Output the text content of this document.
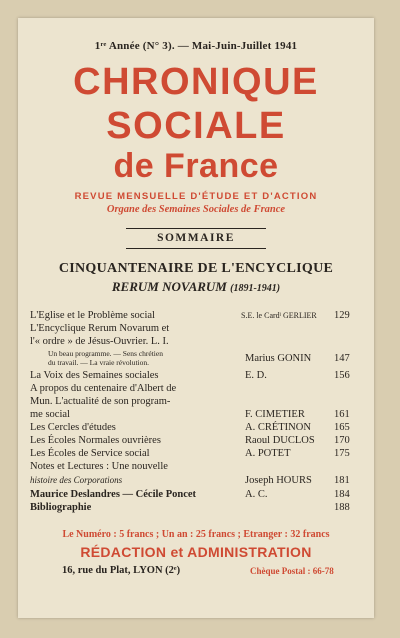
1ʳᵉ Année (N° 3). — Mai-Juin-Juillet 1941
CHRONIQUE
SOCIALE
de France
REVUE MENSUELLE D'ÉTUDE ET D'ACTION
Organe des Semaines Sociales de France
SOMMAIRE
CINQUANTENAIRE DE L'ENCYCLIQUE
RERUM NOVARUM (1891-1941)
L'Eglise et le Problème social	S.E. le Cardˡ GERLIER 129
L'Encyclique Rerum Novarum et
l'« ordre » de Jésus-Ouvrier. L. I.
Un beau programme. — Sens chrétien
du travail. — La vraie révolution.	Marius GONIN 147
La Voix des Semaines sociales	E. D.	156
A propos du centenaire d'Albert de
Mun. L'actualité de son program-
me social	F. CIMETIER	161
Les Cercles d'études	A. CRÉTINON 165
Les Écoles Normales ouvrières	Raoul DUCLOS 170
Les Écoles de Service social	A. POTET	175
Notes et Lectures : Une nouvelle
histoire des Corporations	Joseph HOURS 181
Maurice Deslandres — Cécile Poncet	A. C.	184
Bibliographie	188
Le Numéro : 5 francs ; Un an : 25 francs ; Etranger : 32 francs
RÉDACTION et ADMINISTRATION
16, rue du Plat, LYON (2ᵉ)	Chèque Postal : 66-78
